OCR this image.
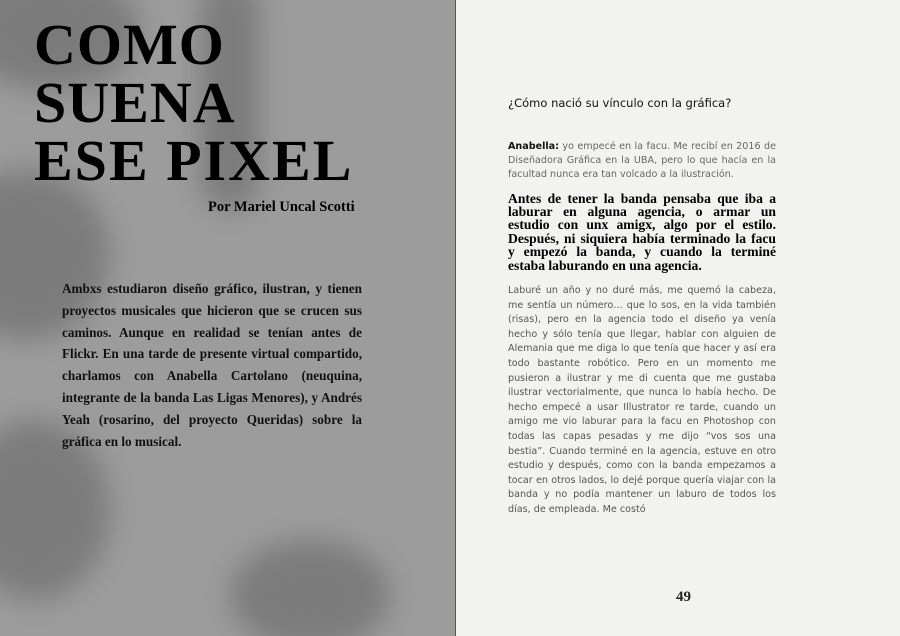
COMO
SUENA
ESE PIXEL
Por Mariel Uncal Scotti
Ambxs estudiaron diseño gráfico, ilustran, y tienen proyectos musicales que hicieron que se crucen sus caminos. Aunque en realidad se tenían antes de Flickr. En una tarde de presente virtual compartido, charlamos con Anabella Cartolano (neuquina, integrante de la banda Las Ligas Menores), y Andrés Yeah (rosarino, del proyecto Queridas) sobre la gráfica en lo musical.
¿Cómo nació su vínculo con la gráfica?
Anabella: yo empecé en la facu. Me recibí en 2016 de Diseñadora Gráfica en la UBA, pero lo que hacía en la facultad nunca era tan volcado a la ilustración.
Antes de tener la banda pensaba que iba a laburar en alguna agencia, o armar un estudio con unx amigx, algo por el estilo. Después, ni siquiera había terminado la facu y empezó la banda, y cuando la terminé estaba laburando en una agencia.
Laburé un año y no duré más, me quemó la cabeza, me sentía un número… que lo sos, en la vida también (risas), pero en la agencia todo el diseño ya venía hecho y sólo tenía que llegar, hablar con alguien de Alemania que me diga lo que tenía que hacer y así era todo bastante robótico. Pero en un momento me pusieron a ilustrar y me di cuenta que me gustaba ilustrar vectorialmente, que nunca lo había hecho. De hecho empecé a usar Illustrator re tarde, cuando un amigo me vio laburar para la facu en Photoshop con todas las capas pesadas y me dijo “vos sos una bestia”. Cuando terminé en la agencia, estuve en otro estudio y después, como con la banda empezamos a tocar en otros lados, lo dejé porque quería viajar con la banda y no podía mantener un laburo de todos los días, de empleada. Me costó
49
